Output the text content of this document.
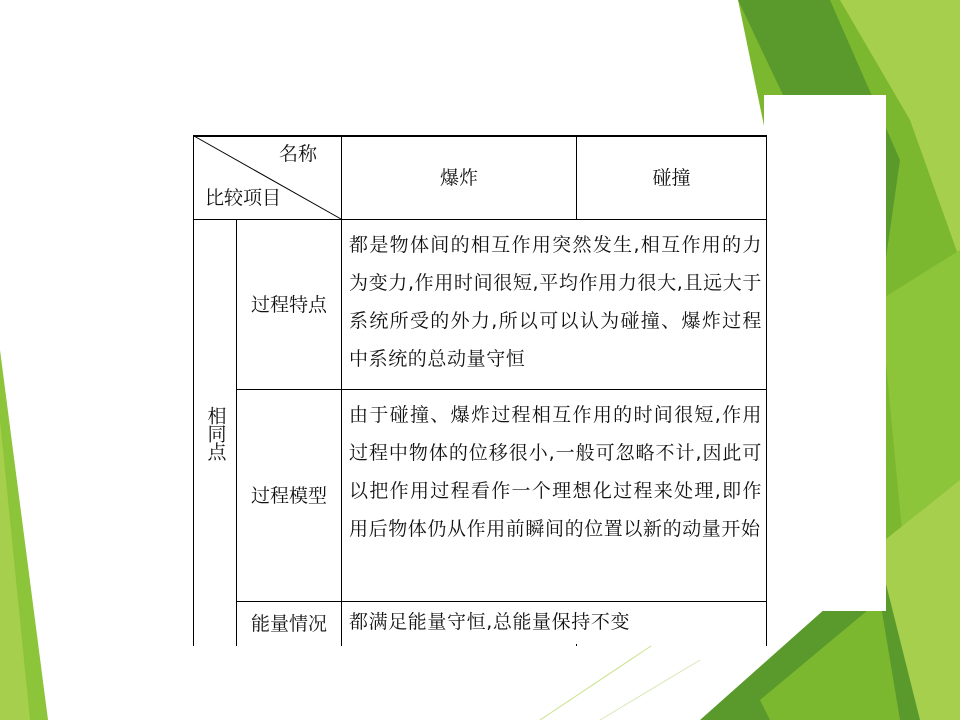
名称
比较项目
爆炸	碰撞
相同点
过程特点
都是物体间的相互作用突然发生,相互作用的力为变力,作用时间很短,平均作用力很大,且远大于系统所受的外力,所以可以认为碰撞、爆炸过程中系统的总动量守恒
过程模型
由于碰撞、爆炸过程相互作用的时间很短,作用过程中物体的位移很小,一般可忽略不计,因此可以把作用过程看作一个理想化过程来处理,即作用后物体仍从作用前瞬间的位置以新的动量开始
能量情况	都满足能量守恒,总能量保持不变
